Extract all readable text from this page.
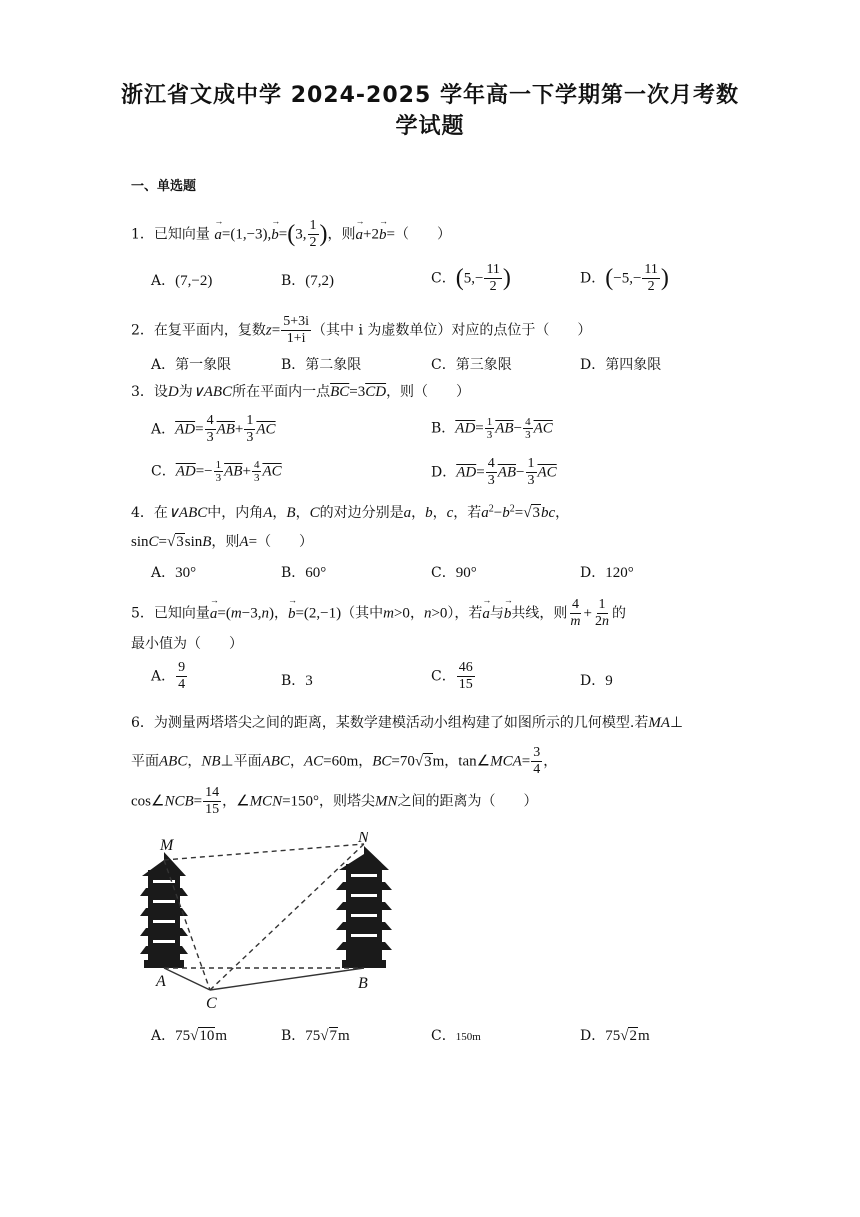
浙江省文成中学 2024-2025 学年高一下学期第一次月考数
学试题
一、单选题
1．已知向量 → a=(1,−3),→ b=(3, $\frac{1}{2}$ )，则→ a+2→ b=（　　）
A．(7,−2)	B．(7,2)	C．($5,- \frac{11}{2}$ )	D．($-5,- \frac{11}{2}$ )
2．在复平面内，复数$z= \frac{5+3i}{1+i}$ （其中 i 为虚数单位）对应的点位于（　　）
A．第一象限	B．第二象限	C．第三象限	D．第四象限
3．设D为∨ABC所在平面内一点$\overline{BC}=3\overline{CD}$，则（　　）
A．$\overline{AD}= \frac{4}{3} \overline{AB}+ \frac{1}{3} \overline{AC}$	B．$\overline{AD}= \frac{1}{3} \overline{AB}- \frac{4}{3} \overline{AC}$
C．$\overline{AD}=- \frac{1}{3} \overline{AB}+ \frac{4}{3} \overline{AC}$	D．$\overline{AD}= \frac{4}{3} \overline{AB}- \frac{1}{3} \overline{AC}$
4．在∨ABC中，内角A，B，C的对边分别是a，b，c，若$a^2-b^2=√3bc$，
sinC=√3sinB，则A=（　　）
A．30°	B．60°	C．90°	D．120°
5．已知向量→ a=(m−3,n)，→ b=(2,−1)（其中m>0，n>0），若→ a与→ b共线，则 $\frac{4}{m} + \frac{1}{2n}$ 的
最小值为（　　）
A． $\frac{9}{4}$	B．3	C． $\frac{46}{15}$	D．9
6．为测量两塔塔尖之间的距离，某数学建模活动小组构建了如图所示的几何模型.若MA⊥
平面ABC，NB⊥平面ABC，AC=60m，BC=70√3m，tan∠MCA= $\frac{3}{4}$ ，
cos∠NCB= $\frac{14}{15}$ ，∠MCN=150°，则塔尖MN之间的距离为（　　）
M	N
A
C
B
A．75√10m	B．75√7m	C．150m	D．75√2m
